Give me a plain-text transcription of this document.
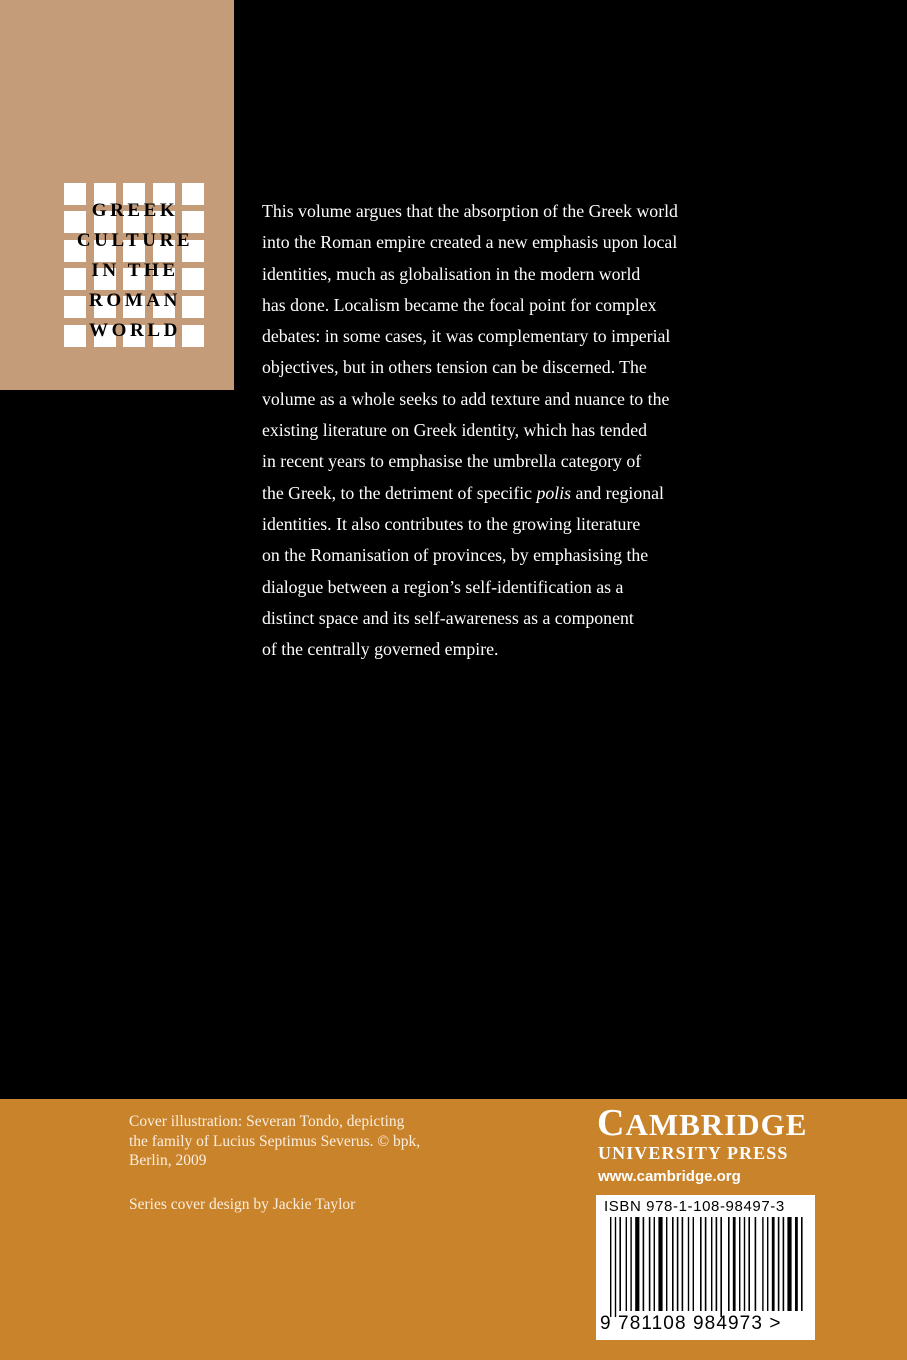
GREEK
CULTURE
IN THE
ROMAN
WORLD
This volume argues that the absorption of the Greek world
into the Roman empire created a new emphasis upon local
identities, much as globalisation in the modern world
has done. Localism became the focal point for complex
debates: in some cases, it was complementary to imperial
objectives, but in others tension can be discerned. The
volume as a whole seeks to add texture and nuance to the
existing literature on Greek identity, which has tended
in recent years to emphasise the umbrella category of
the Greek, to the detriment of specific polis and regional
identities. It also contributes to the growing literature
on the Romanisation of provinces, by emphasising the
dialogue between a region’s self-identification as a
distinct space and its self-awareness as a component
of the centrally governed empire.
Cover illustration: Severan Tondo, depicting
the family of Lucius Septimus Severus. © bpk,
Berlin, 2009
Series cover design by Jackie Taylor
CAMBRIDGE
UNIVERSITY PRESS
www.cambridge.org
ISBN 978-1-108-98497-3
9 781108 984973 >
